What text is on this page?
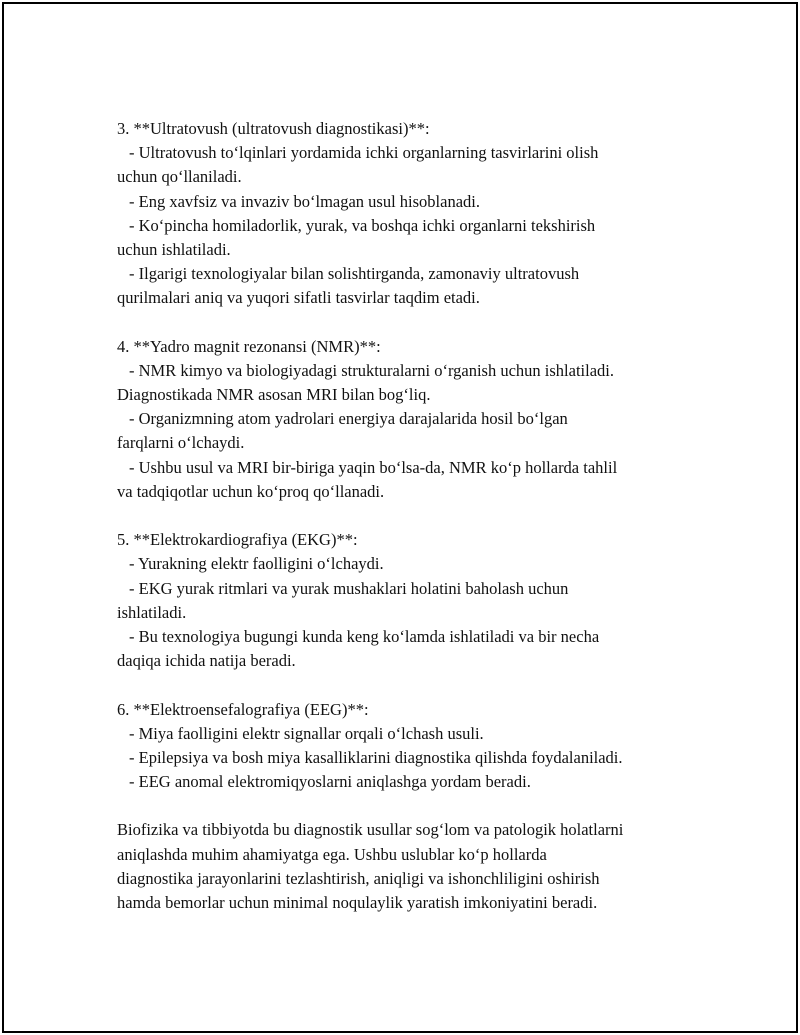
3. **Ultratovush (ultratovush diagnostikasi)**:
- Ultratovush to‘lqinlari yordamida ichki organlarning tasvirlarini olish
uchun qo‘llaniladi.
- Eng xavfsiz va invaziv bo‘lmagan usul hisoblanadi.
- Ko‘pincha homiladorlik, yurak, va boshqa ichki organlarni tekshirish
uchun ishlatiladi.
- Ilgarigi texnologiyalar bilan solishtirganda, zamonaviy ultratovush
qurilmalari aniq va yuqori sifatli tasvirlar taqdim etadi.
4. **Yadro magnit rezonansi (NMR)**:
- NMR kimyo va biologiyadagi strukturalarni o‘rganish uchun ishlatiladi.
Diagnostikada NMR asosan MRI bilan bog‘liq.
- Organizmning atom yadrolari energiya darajalarida hosil bo‘lgan
farqlarni o‘lchaydi.
- Ushbu usul va MRI bir-biriga yaqin bo‘lsa-da, NMR ko‘p hollarda tahlil
va tadqiqotlar uchun ko‘proq qo‘llanadi.
5. **Elektrokardiografiya (EKG)**:
- Yurakning elektr faolligini o‘lchaydi.
- EKG yurak ritmlari va yurak mushaklari holatini baholash uchun
ishlatiladi.
- Bu texnologiya bugungi kunda keng ko‘lamda ishlatiladi va bir necha
daqiqa ichida natija beradi.
6. **Elektroensefalografiya (EEG)**:
- Miya faolligini elektr signallar orqali o‘lchash usuli.
- Epilepsiya va bosh miya kasalliklarini diagnostika qilishda foydalaniladi.
- EEG anomal elektromiqyoslarni aniqlashga yordam beradi.
Biofizika va tibbiyotda bu diagnostik usullar sog‘lom va patologik holatlarni
aniqlashda muhim ahamiyatga ega. Ushbu uslublar ko‘p hollarda
diagnostika jarayonlarini tezlashtirish, aniqligi va ishonchliligini oshirish
hamda bemorlar uchun minimal noqulaylik yaratish imkoniyatini beradi.
